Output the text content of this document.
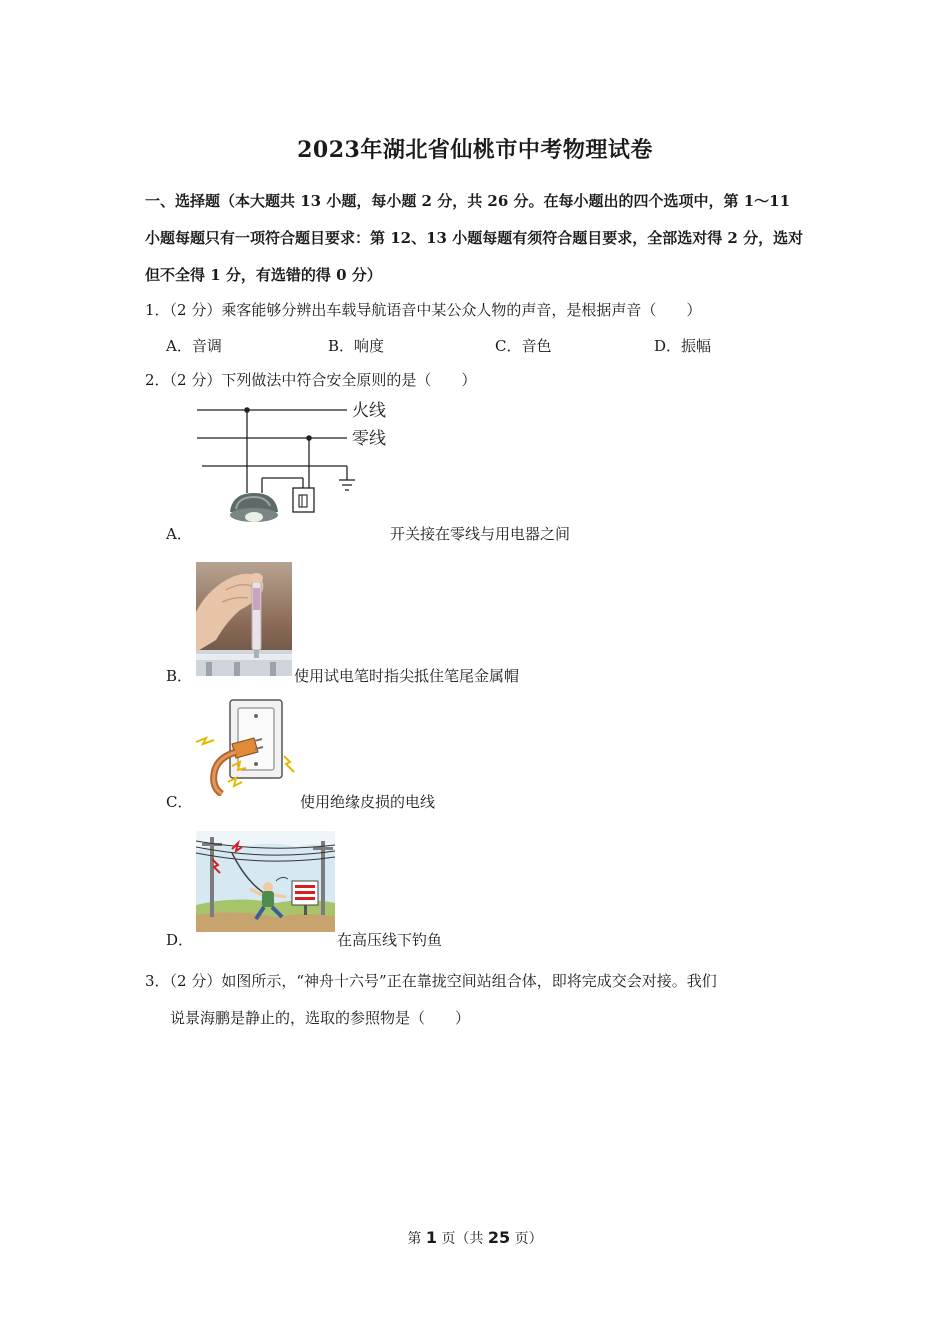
2023年湖北省仙桃市中考物理试卷
一、选择题（本大题共 13 小题，每小题 2 分，共 26 分。在每小题出的四个选项中，第 1～11 小题每题只有一项符合题目要求：第 12、13 小题每题有须符合题目要求，全部选对得 2 分，选对但不全得 1 分，有选错的得 0 分）
1．（2 分）乘客能够分辨出车载导航语音中某公众人物的声音，是根据声音（　　）
A．音调	B．响度	C．音色	D．振幅
2．（2 分）下列做法中符合安全原则的是（　　）
火线
零线
A．	开关接在零线与用电器之间
B．	使用试电笔时指尖抵住笔尾金属帽
C．	使用绝缘皮损的电线
D．	在高压线下钓鱼
3．（2 分）如图所示，“神舟十六号”正在靠拢空间站组合体，即将完成交会对接。我们
说景海鹏是静止的，选取的参照物是（　　）
第 1 页（共 25 页）
